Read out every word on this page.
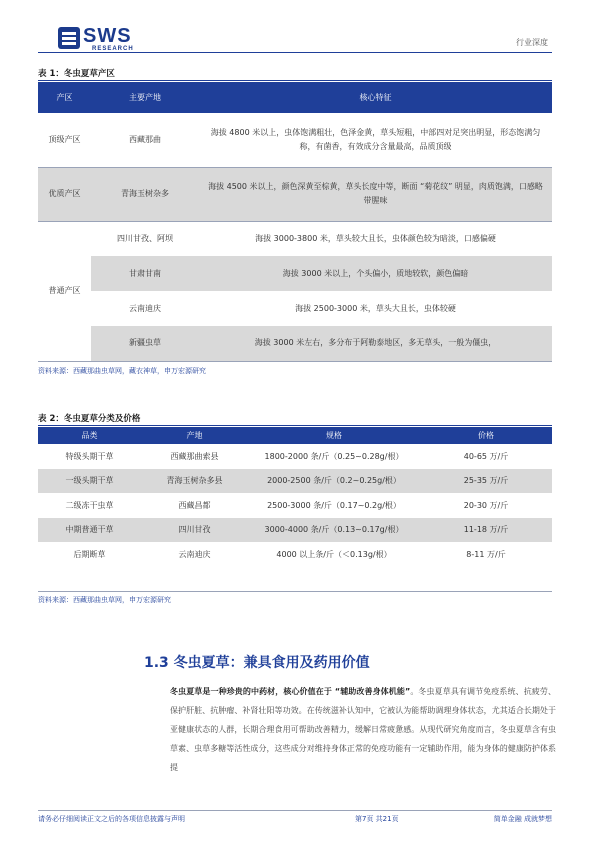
SWS
RESEARCH
行业深度
表 1：冬虫夏草产区
产区	主要产地	核心特征
顶级产区	西藏那曲	海拔 4800 米以上，虫体饱满粗壮，色泽金黄，草头短粗，中部四对足突出明显，形态饱满匀称，有菌香，有效成分含量最高，品质顶级
优质产区	青海玉树杂多	海拔 4500 米以上，颜色深黄至棕黄，草头长度中等，断面 “菊花纹” 明显，肉质饱满，口感略带腥味
普通产区	四川甘孜、阿坝	海拔 3000-3800 米，草头较大且长，虫体颜色较为暗淡，口感偏硬
	甘肃甘南	海拔 3000 米以上，个头偏小，质地较软，颜色偏暗
	云南迪庆	海拔 2500-3000 米，草头大且长，虫体较硬
	新疆虫草	海拔 3000 米左右，多分布于阿勒泰地区，多无草头，一般为僵虫，
资料来源：西藏那曲虫草网，藏衣神草，申万宏源研究
表 2：冬虫夏草分类及价格
品类	产地	规格	价格
特级头期干草	西藏那曲索县	1800-2000 条/斤（0.25~0.28g/根）	40-65 万/斤
一级头期干草	青海玉树杂多县	2000-2500 条/斤（0.2~0.25g/根）	25-35 万/斤
二级冻干虫草	西藏昌都	2500-3000 条/斤（0.17~0.2g/根）	20-30 万/斤
中期普通干草	四川甘孜	3000-4000 条/斤（0.13~0.17g/根）	11-18 万/斤
后期断草	云南迪庆	4000 以上条/斤（＜0.13g/根）	8-11 万/斤
资料来源：西藏那曲虫草网，申万宏源研究
1.3 冬虫夏草：兼具食用及药用价值
冬虫夏草是一种珍贵的中药材，核心价值在于 “辅助改善身体机能”。冬虫夏草具有调节免疫系统、抗疲劳、保护肝脏、抗肿瘤、补肾壮阳等功效。在传统滋补认知中，它被认为能帮助调理身体状态，尤其适合长期处于亚健康状态的人群，长期合理食用可帮助改善精力，缓解日常疲惫感。从现代研究角度而言，冬虫夏草含有虫草素、虫草多糖等活性成分，这些成分对维持身体正常的免疫功能有一定辅助作用，能为身体的健康防护体系提
请务必仔细阅读正文之后的各项信息披露与声明	第7页 共21页	简单金融 成就梦想
